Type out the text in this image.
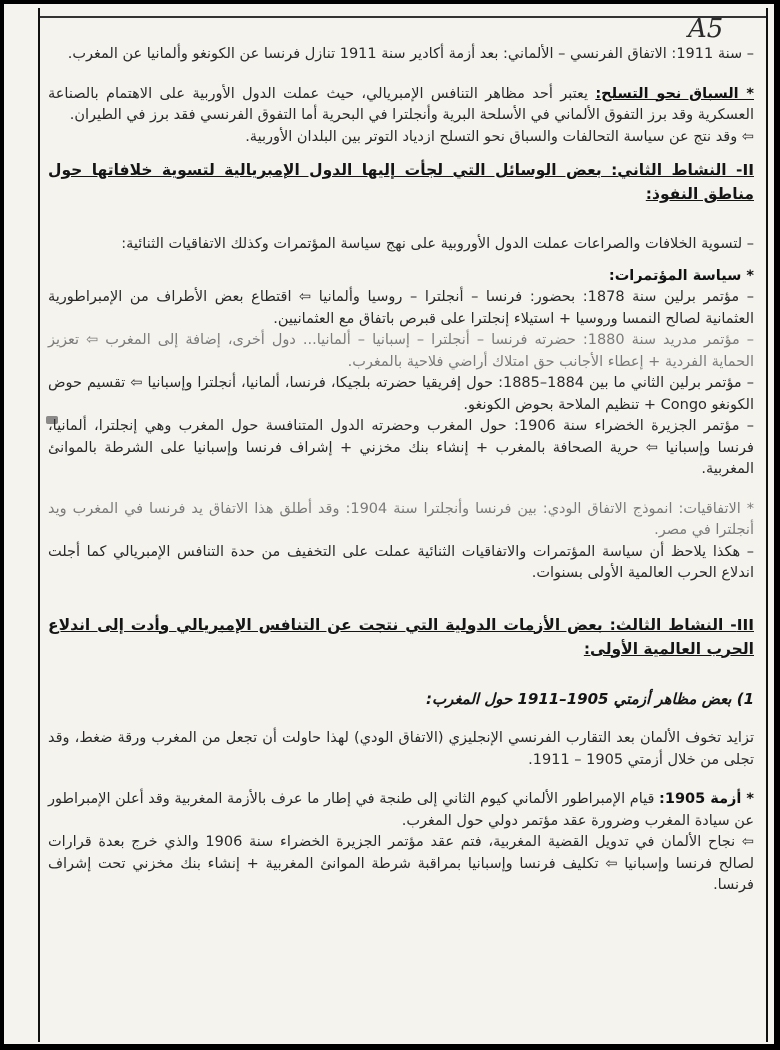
A5

– سنة 1911: الاتفاق الفرنسي – الألماني: بعد أزمة أكادير سنة 1911 تنازل فرنسا عن الكونغو وألمانيا عن المغرب.

* السباق نحو التسلح: يعتبر أحد مظاهر التنافس الإمبريالي، حيث عملت الدول الأوربية على الاهتمام بالصناعة العسكرية وقد برز التفوق الألماني في الأسلحة البرية وأنجلترا في البحرية أما التفوق الفرنسي فقد برز في الطيران.

⇦ وقد نتج عن سياسة التحالفات والسباق نحو التسلح ازدياد التوتر بين البلدان الأوربية.

II- النشاط الثاني: بعض الوسائل التي لجأت إليها الدول الإمبريالية لتسوية خلافاتها حول مناطق النفوذ:

– لتسوية الخلافات والصراعات عملت الدول الأوروبية على نهج سياسة المؤتمرات وكذلك الاتفاقيات الثنائية:

* سياسة المؤتمرات:

– مؤتمر برلين سنة 1878: بحضور: فرنسا – أنجلترا – روسيا وألمانيا ⇦ اقتطاع بعض الأطراف من الإمبراطورية العثمانية لصالح النمسا وروسيا + استيلاء إنجلترا على قبرص باتفاق مع العثمانيين.

– مؤتمر مدريد سنة 1880: حضرته فرنسا – أنجلترا – إسبانيا – ألمانيا... دول أخرى، إضافة إلى المغرب ⇦ تعزيز الحماية الفردية + إعطاء الأجانب حق امتلاك أراضي فلاحية بالمغرب.

– مؤتمر برلين الثاني ما بين 1884–1885: حول إفريقيا حضرته بلجيكا، فرنسا، ألمانيا، أنجلترا وإسبانيا ⇦ تقسيم حوض الكونغو Congo + تنظيم الملاحة بحوض الكونغو.

– مؤتمر الجزيرة الخضراء سنة 1906: حول المغرب وحضرته الدول المتنافسة حول المغرب وهي إنجلترا، ألمانيا، فرنسا وإسبانيا ⇦ حرية الصحافة بالمغرب + إنشاء بنك مخزني + إشراف فرنسا وإسبانيا على الشرطة بالموانئ المغربية.

* الاتفاقيات: انموذج الاتفاق الودي: بين فرنسا وأنجلترا سنة 1904: وقد أطلق هذا الاتفاق يد فرنسا في المغرب ويد أنجلترا في مصر.

– هكذا يلاحظ أن سياسة المؤتمرات والاتفاقيات الثنائية عملت على التخفيف من حدة التنافس الإمبريالي كما أجلت اندلاع الحرب العالمية الأولى بسنوات.

III- النشاط الثالث: بعض الأزمات الدولية التي نتجت عن التنافس الإمبريالي وأدت إلى اندلاع الحرب العالمية الأولى:

1) بعض مظاهر أزمتي 1905–1911 حول المغرب:

تزايد تخوف الألمان بعد التقارب الفرنسي الإنجليزي (الاتفاق الودي) لهذا حاولت أن تجعل من المغرب ورقة ضغط، وقد تجلى من خلال أزمتي 1905 – 1911.

* أزمة 1905: قيام الإمبراطور الألماني كيوم الثاني إلى طنجة في إطار ما عرف بالأزمة المغربية وقد أعلن الإمبراطور عن سيادة المغرب وضرورة عقد مؤتمر دولي حول المغرب.

⇦ نجاح الألمان في تدويل القضية المغربية، فتم عقد مؤتمر الجزيرة الخضراء سنة 1906 والذي خرج بعدة قرارات لصالح فرنسا وإسبانيا ⇦ تكليف فرنسا وإسبانيا بمراقبة شرطة الموانئ المغربية + إنشاء بنك مخزني تحت إشراف فرنسا.
